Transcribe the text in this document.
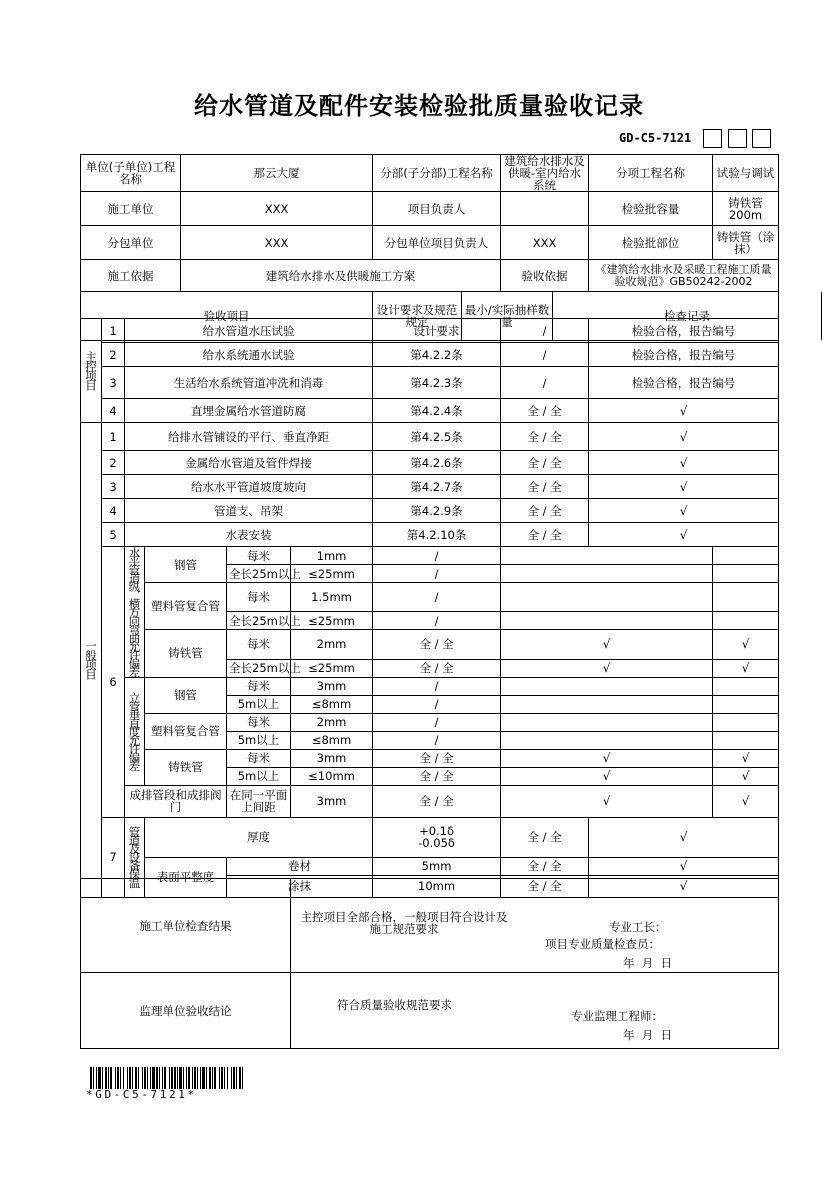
给水管道及配件安装检验批质量验收记录
GD-C5-7121
单位(子单位)工程名称	那云大厦	分部(子分部)工程名称	建筑给水排水及供暖-室内给水系统	分项工程名称	试验与调试
施工单位	XXX	项目负责人		检验批容量	铸铁管200m
分包单位	XXX	分包单位项目负责人	XXX	检验批部位	铸铁管（涂抹）
施工依据	建筑给水排水及供暖施工方案	验收依据	《建筑给水排水及采暖工程施工质量验收规范》GB50242-2002
验收项目		设计要求及规范规定	最小/实际抽样数量	检查记录	
主控项目	1	给水管道水压试验				设计要求	/	检验合格，报告编号	
	2	给水系统通水试验				第4.2.2条	/	检验合格，报告编号	
	3	生活给水系统管道冲洗和消毒				第4.2.3条	/	检验合格，报告编号	
	4	直埋金属给水管道防腐				第4.2.4条	全 / 全	√	
一般项目	1	给排水管铺设的平行、垂直净距				第4.2.5条	全 / 全	√	
	2	金属给水管道及管件焊接				第4.2.6条	全 / 全	√	
	3	给水水平管道坡度坡向				第4.2.7条	全 / 全	√	
	4	管道支、吊架				第4.2.9条	全 / 全	√	
	5	水表安装				第4.2.10条	全 / 全	√	
	6	水平管道纵、横方向弯曲允许偏差	钢管	每米	1mm	/				
				全长25m以上	≤25mm	/				
			塑料管复合管	每米	1.5mm	/				
				全长25m以上	≤25mm	/				
			铸铁管	每米	2mm	全 / 全	√		√	
				全长25m以上	≤25mm	全 / 全	√		√	
		立管垂直度允许偏差	钢管	每米	3mm	/				
				5m以上	≤8mm	/				
			塑料管复合管	每米	2mm	/				
				5m以上	≤8mm	/				
			铸铁管	每米	3mm	全 / 全	√		√	
				5m以上	≤10mm	全 / 全	√		√	
		成排管段和成排阀门		在同一平面上间距	3mm	全 / 全	√		√	
	7	管道及设备保温	厚度			+0.1δ
-0.05δ	全 / 全	√	
			表面平整度	卷材		5mm	全 / 全	√	
				涂抹		10mm	全 / 全	√	
施工单位检查结果	主控项目全部合格，一般项目符合设计及施工规范要求 专业工长：
项目专业质量检查员：
年  月  日

监理单位验收结论	符合质量验收规范要求
专业监理工程师：
年  月  日
*GD-C5-7121*
